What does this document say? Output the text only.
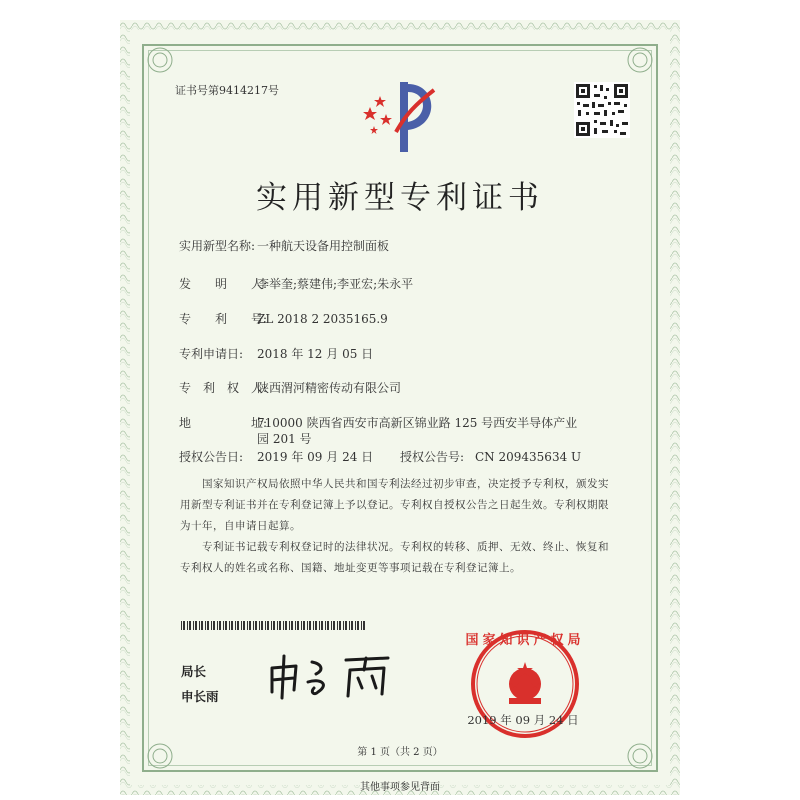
证书号第9414217号
实用新型专利证书
实用新型名称: 一种航天设备用控制面板
发　　明　　人:
李举奎;蔡建伟;李亚宏;朱永平
专　　利　　号:
ZL 2018 2 2035165.9
专利申请日: 2018 年 12 月 05 日
专　利　权　人:
陕西渭河精密传动有限公司
地　　　　　址:
710000 陕西省西安市高新区锦业路 125 号西安半导体产业
园 201 号
授权公告日: 2019 年 09 月 24 日 授权公告号: CN 209435634 U
国家知识产权局依照中华人民共和国专利法经过初步审查，决定授予专利权，颁发实用新型专利证书并在专利登记簿上予以登记。专利权自授权公告之日起生效。专利权期限为十年，自申请日起算。
专利证书记载专利权登记时的法律状况。专利权的转移、质押、无效、终止、恢复和专利权人的姓名或名称、国籍、地址变更等事项记载在专利登记簿上。
局长
申长雨
国家知识产权局
2019 年 09 月 24 日
第 1 页（共 2 页）
其他事项参见背面
